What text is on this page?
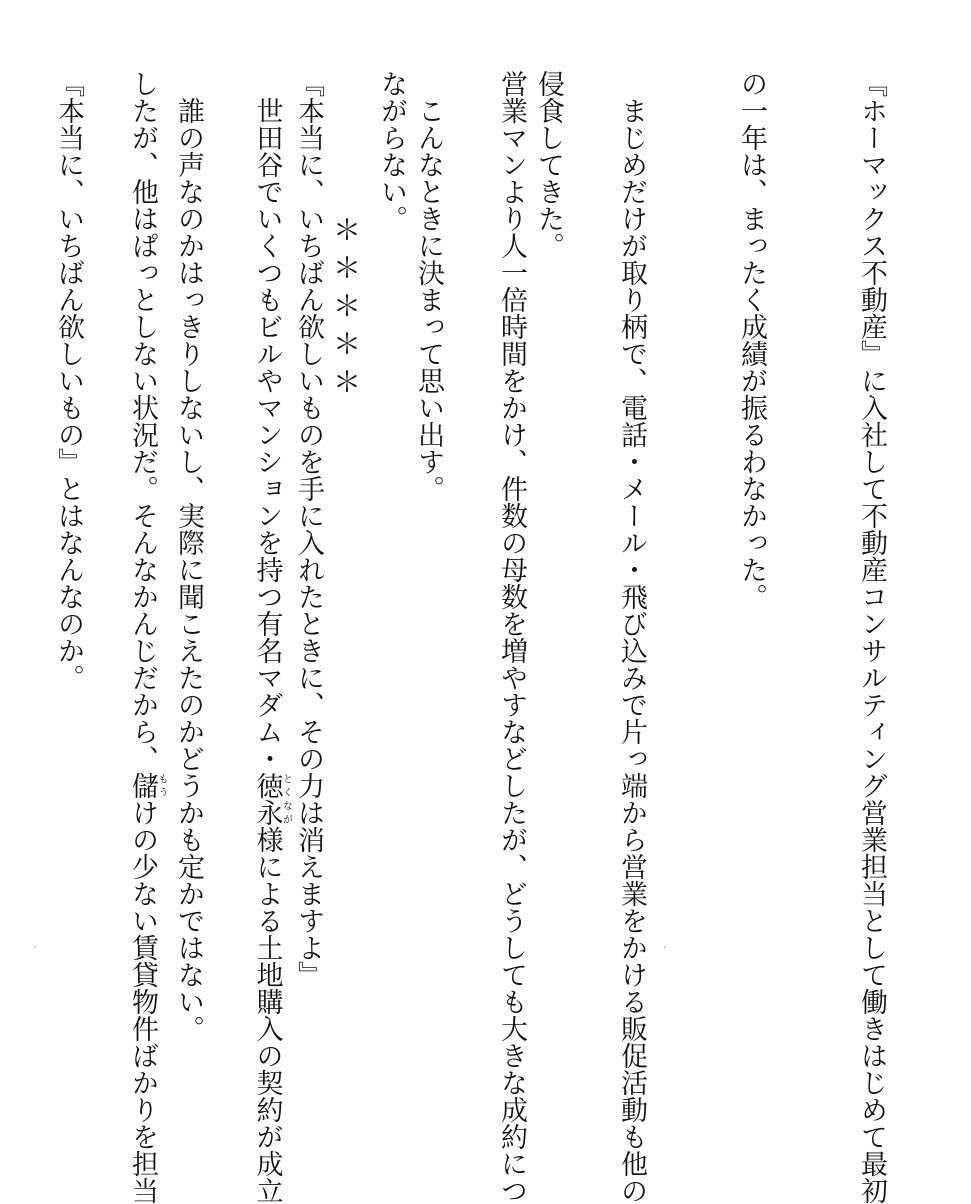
侵食してきた。

　こんなときに決まって思い出す。

『本当に、いちばん欲しいものを手に入れたときに、その力は消えますよ』

　誰の声なのかはっきりしないし、実際に聞こえたのかどうかも定かではない。

『本当に、いちばん欲しいもの』とはなんなのか。

	＊＊＊＊＊

	『ホーマックス不動産』に入社して不動産コンサルティング営業担当として働きはじめて最初

の一年は、まったく成績が振るわなかった。

　まじめだけが取り柄で、電話・メール・飛び込みで片っ端から営業をかける販促活動も他の

営業マンより人一倍時間をかけ、件数の母数を増やすなどしたが、どうしても大きな成約につ

ながらない。

　世田谷でいくつもビルやマンションを持つ有名マダム・徳永とくなが様による土地購入の契約が成立

したが、他はぱっとしない状況だ。そんなかんじだから、儲もうけの少ない賃貸物件ばかりを担当
